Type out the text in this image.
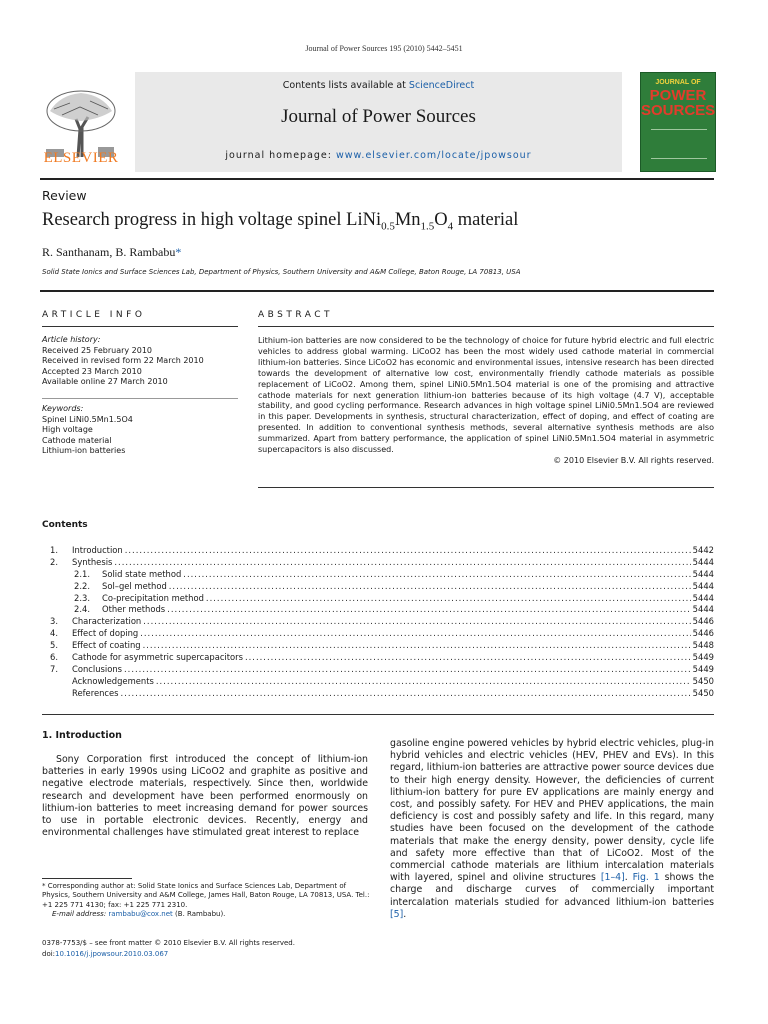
Journal of Power Sources 195 (2010) 5442–5451
Contents lists available at ScienceDirect
Journal of Power Sources
journal homepage: www.elsevier.com/locate/jpowsour
ELSEVIER
JOURNAL OF
POWER SOURCES
Review
Research progress in high voltage spinel $LiNi_{0.5}Mn_{1.5}O_4$ material
R. Santhanam, B. Rambabu*
Solid State Ionics and Surface Sciences Lab, Department of Physics, Southern University and A&M College, Baton Rouge, LA 70813, USA
ARTICLE INFO
Article history:
Received 25 February 2010
Received in revised form 22 March 2010
Accepted 23 March 2010
Available online 27 March 2010
Keywords:
Spinel LiNi0.5Mn1.5O4
High voltage
Cathode material
Lithium-ion batteries
ABSTRACT

Lithium-ion batteries are now considered to be the technology of choice for future hybrid electric and full electric vehicles to address global warming. LiCoO2 has been the most widely used cathode material in commercial lithium-ion batteries. Since LiCoO2 has economic and environmental issues, intensive research has been directed towards the development of alternative low cost, environmentally friendly cathode materials as possible replacement of LiCoO2. Among them, spinel LiNi0.5Mn1.5O4 material is one of the promising and attractive cathode materials for next generation lithium-ion batteries because of its high voltage (4.7 V), acceptable stability, and good cycling performance. Research advances in high voltage spinel LiNi0.5Mn1.5O4 are reviewed in this paper. Developments in synthesis, structural characterization, effect of doping, and effect of coating are presented. In addition to conventional synthesis methods, several alternative synthesis methods are also summarized. Apart from battery performance, the application of spinel LiNi0.5Mn1.5O4 material in asymmetric supercapacitors is also discussed.

© 2010 Elsevier B.V. All rights reserved.
Contents
1.	Introduction .....	5442
2.	Synthesis .....	5444
2.1.	Solid state method .....	5444
2.2.	Sol–gel method .....	5444
2.3.	Co-precipitation method .....	5444
2.4.	Other methods .....	5444
3.	Characterization .....	5446
4.	Effect of doping .....	5446
5.	Effect of coating .....	5448
6.	Cathode for asymmetric supercapacitors .....	5449
7.	Conclusions .....	5449
Acknowledgements .....	5450
References .....	5450
1. Introduction
Sony Corporation first introduced the concept of lithium-ion batteries in early 1990s using LiCoO2 and graphite as positive and negative electrode materials, respectively. Since then, worldwide research and development have been performed enormously on lithium-ion batteries to meet increasing demand for power sources to use in portable electronic devices. Recently, energy and environmental challenges have stimulated great interest to replace
gasoline engine powered vehicles by hybrid electric vehicles, plug-in hybrid vehicles and electric vehicles (HEV, PHEV and EVs). In this regard, lithium-ion batteries are attractive power source devices due to their high energy density. However, the deficiencies of current lithium-ion battery for pure EV applications are mainly energy and cost, and possibly safety. For HEV and PHEV applications, the main deficiency is cost and possibly safety and life. In this regard, many studies have been focused on the development of the cathode materials that make the energy density, power density, cycle life and safety more effective than that of LiCoO2. Most of the commercial cathode materials are lithium intercalation materials with layered, spinel and olivine structures [1–4]. Fig. 1 shows the charge and discharge curves of commercially important intercalation materials studied for advanced lithium-ion batteries [5].
* Corresponding author at: Solid State Ionics and Surface Sciences Lab, Department of Physics, Southern University and A&M College, James Hall, Baton Rouge, LA 70813, USA. Tel.: +1 225 771 4130; fax: +1 225 771 2310.
E-mail address: rambabu@cox.net (B. Rambabu).
0378-7753/$ – see front matter © 2010 Elsevier B.V. All rights reserved.
doi:10.1016/j.jpowsour.2010.03.067
